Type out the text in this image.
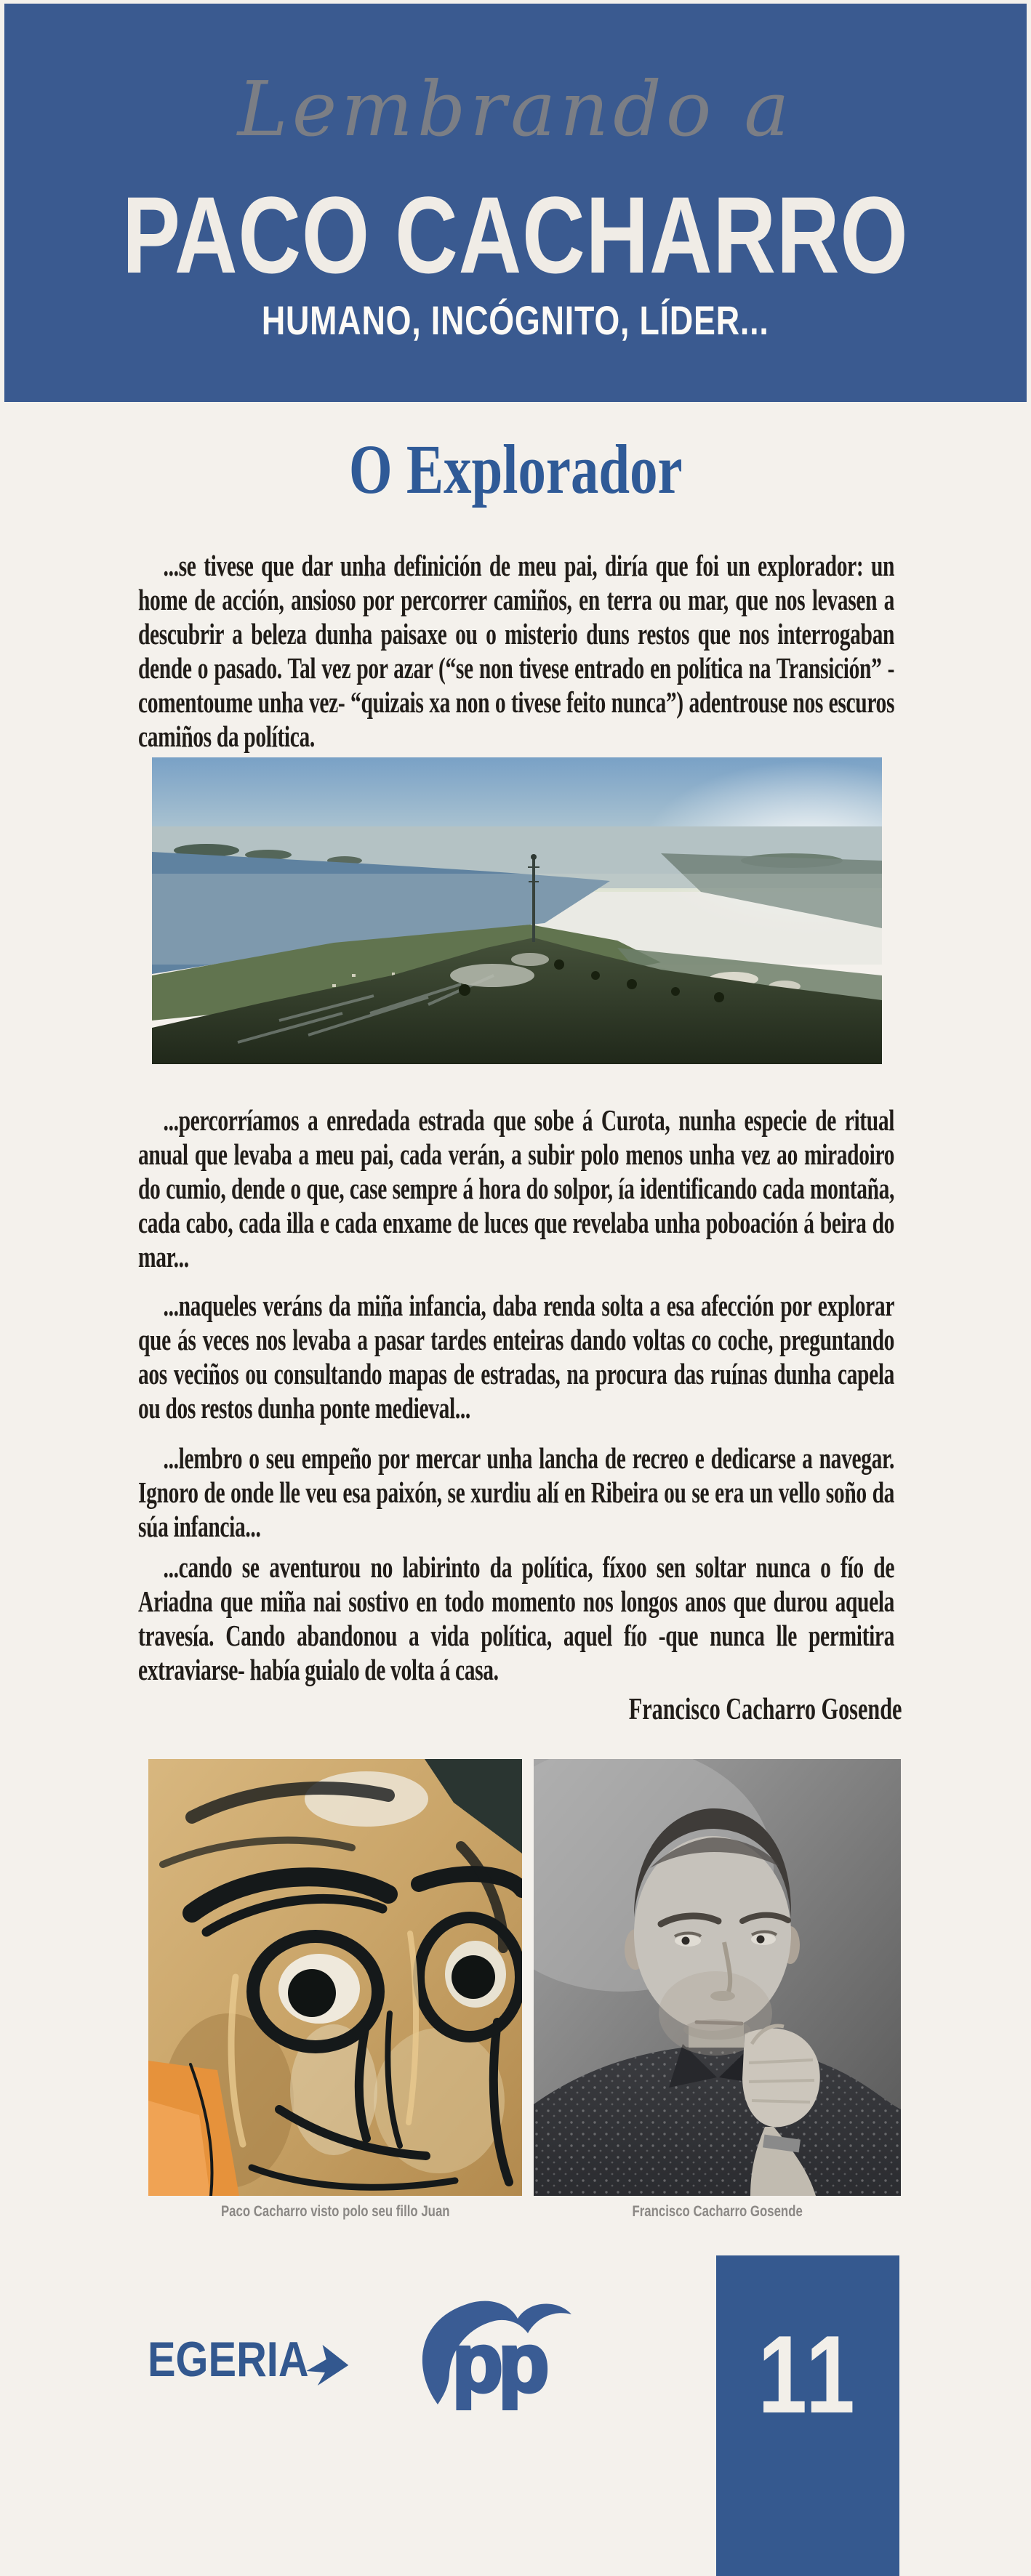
Lembrando a
PACO CACHARRO
HUMANO, INCÓGNITO, LÍDER...
O Explorador
...se tivese que dar unha definición de meu pai, diría que foi un explorador: un home de acción, ansioso por percorrer camiños, en terra ou mar, que nos levasen a descubrir a beleza dunha paisaxe ou o misterio duns restos que nos interrogaban dende o pasado. Tal vez por azar (“se non tivese entrado en política na Transición” -comentoume unha vez- “quizais xa non o tivese feito nunca”) adentrouse nos escuros camiños da política.
...percorríamos a enredada estrada que sobe á Curota, nunha especie de ritual anual que levaba a meu pai, cada verán, a subir polo menos unha vez ao miradoiro do cumio, dende o que, case sempre á hora do solpor, ía identificando cada montaña, cada cabo, cada illa e cada enxame de luces que revelaba unha poboación á beira do mar...
...naqueles veráns da miña infancia, daba renda solta a esa afección por explorar que ás veces nos levaba a pasar tardes enteiras dando voltas co coche, preguntando aos veciños ou consultando mapas de estradas, na procura das ruínas dunha capela ou dos restos dunha ponte medieval...
...lembro o seu empeño por mercar unha lancha de recreo e dedicarse a navegar. Ignoro de onde lle veu esa paixón, se xurdiu alí en Ribeira ou se era un vello soño da súa infancia...
...cando se aventurou no labirinto da política, fíxoo sen soltar nunca o fío de Ariadna que miña nai sostivo en todo momento nos longos anos que durou aquela travesía. Cando abandonou a vida política, aquel fío -que nunca lle permitira extraviarse- había guialo de volta á casa.
Francisco Cacharro Gosende
Paco Cacharro visto polo seu fillo Juan	Francisco Cacharro Gosende
EGERIA pp	11
